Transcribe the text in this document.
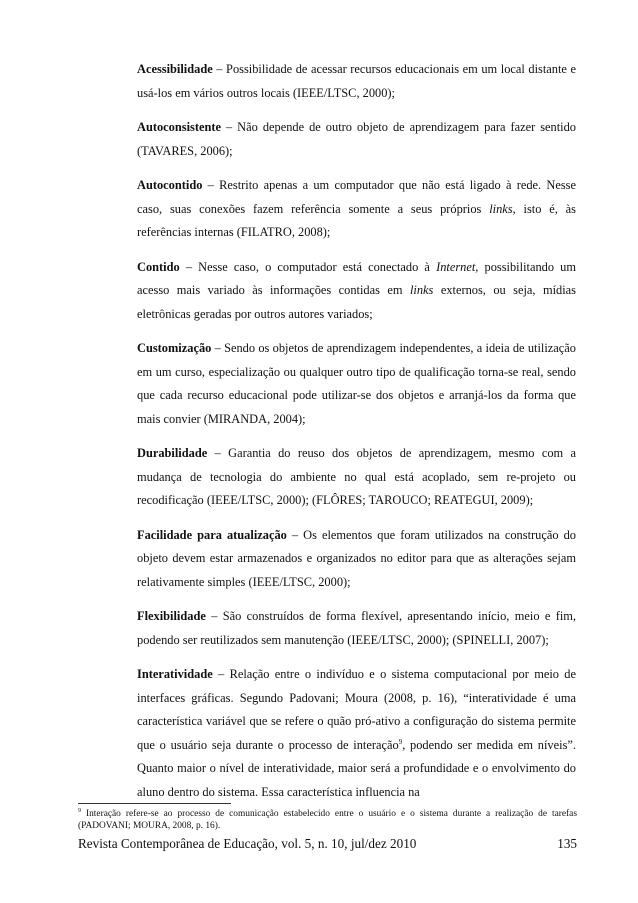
Acessibilidade – Possibilidade de acessar recursos educacionais em um local distante e usá-los em vários outros locais (IEEE/LTSC, 2000);

Autoconsistente – Não depende de outro objeto de aprendizagem para fazer sentido (TAVARES, 2006);

Autocontido – Restrito apenas a um computador que não está ligado à rede. Nesse caso, suas conexões fazem referência somente a seus próprios links, isto é, às referências internas (FILATRO, 2008);

Contido – Nesse caso, o computador está conectado à Internet, possibilitando um acesso mais variado às informações contidas em links externos, ou seja, mídias eletrônicas geradas por outros autores variados;

Customização – Sendo os objetos de aprendizagem independentes, a ideia de utilização em um curso, especialização ou qualquer outro tipo de qualificação torna-se real, sendo que cada recurso educacional pode utilizar-se dos objetos e arranjá-los da forma que mais convier (MIRANDA, 2004);

Durabilidade – Garantia do reuso dos objetos de aprendizagem, mesmo com a mudança de tecnologia do ambiente no qual está acoplado, sem re-projeto ou recodificação (IEEE/LTSC, 2000); (FLÔRES; TAROUCO; REATEGUI, 2009);

Facilidade para atualização – Os elementos que foram utilizados na construção do objeto devem estar armazenados e organizados no editor para que as alterações sejam relativamente simples (IEEE/LTSC, 2000);

Flexibilidade – São construídos de forma flexível, apresentando início, meio e fim, podendo ser reutilizados sem manutenção (IEEE/LTSC, 2000); (SPINELLI, 2007);

Interatividade – Relação entre o indivíduo e o sistema computacional por meio de interfaces gráficas. Segundo Padovani; Moura (2008, p. 16), “interatividade é uma característica variável que se refere o quão pró-ativo a configuração do sistema permite que o usuário seja durante o processo de interação$^9$, podendo ser medida em níveis”. Quanto maior o nível de interatividade, maior será a profundidade e o envolvimento do aluno dentro do sistema. Essa característica influencia na

$^9$ Interação refere-se ao processo de comunicação estabelecido entre o usuário e o sistema durante a realização de tarefas (PADOVANI; MOURA, 2008, p. 16).
Revista Contemporânea de Educação, vol. 5, n. 10, jul/dez 2010	135
